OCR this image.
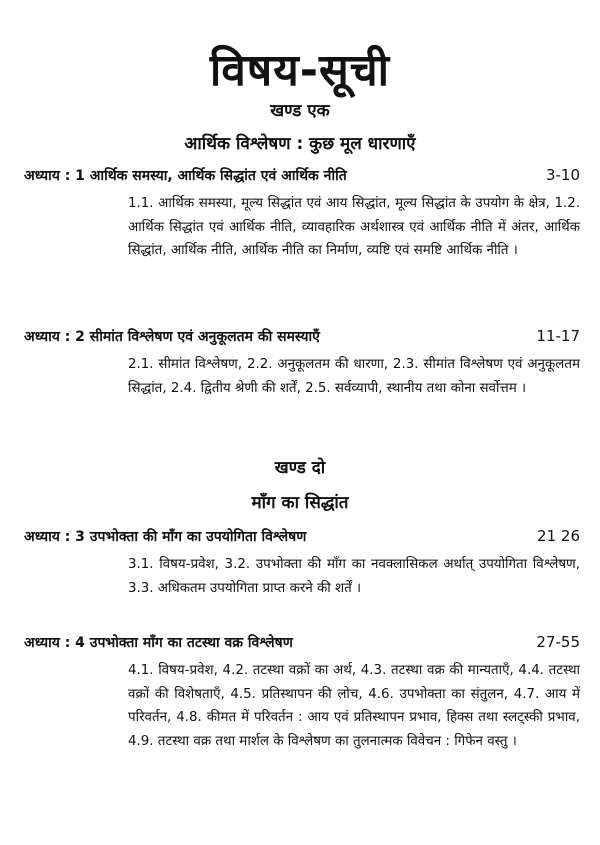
विषय-सूची
खण्ड एक
आर्थिक विश्लेषण : कुछ मूल धारणाएँ
अध्याय : 1 आर्थिक समस्या, आर्थिक सिद्धांत एवं आर्थिक नीति	3-10
1.1. आर्थिक समस्या, मूल्य सिद्धांत एवं आय सिद्धांत, मूल्य सिद्धांत के उपयोग के क्षेत्र, 1.2. आर्थिक सिद्धांत एवं आर्थिक नीति, व्यावहारिक अर्थशास्त्र एवं आर्थिक नीति में अंतर, आर्थिक सिद्धांत, आर्थिक नीति, आर्थिक नीति का निर्माण, व्यष्टि एवं समष्टि आर्थिक नीति ।
अध्याय : 2 सीमांत विश्लेषण एवं अनुकूलतम की समस्याएँ	11-17
2.1. सीमांत विश्लेषण, 2.2. अनुकूलतम की धारणा, 2.3. सीमांत विश्लेषण एवं अनुकूलतम सिद्धांत, 2.4. द्वितीय श्रेणी की शर्तें, 2.5. सर्वव्यापी, स्थानीय तथा कोना सर्वोत्तम ।
खण्ड दो
माँग का सिद्धांत
अध्याय : 3 उपभोक्ता की माँग का उपयोगिता विश्लेषण	21 26
3.1. विषय-प्रवेश, 3.2. उपभोक्ता की माँग का नवक्लासिकल अर्थात् उपयोगिता विश्लेषण, 3.3. अधिकतम उपयोगिता प्राप्त करने की शर्तें ।
अध्याय : 4 उपभोक्ता माँग का तटस्था वक्र विश्लेषण	27-55
4.1. विषय-प्रवेश, 4.2. तटस्था वक्रों का अर्थ, 4.3. तटस्था वक्र की मान्यताएँ, 4.4. तटस्था वक्रों की विशेषताएँ, 4.5. प्रतिस्थापन की लोच, 4.6. उपभोक्ता का संतुलन, 4.7. आय में परिवर्तन, 4.8. कीमत में परिवर्तन : आय एवं प्रतिस्थापन प्रभाव, हिक्स तथा स्लट्स्की प्रभाव, 4.9. तटस्था वक्र तथा मार्शल के विश्लेषण का तुलनात्मक विवेचन : गिफेन वस्तु ।
